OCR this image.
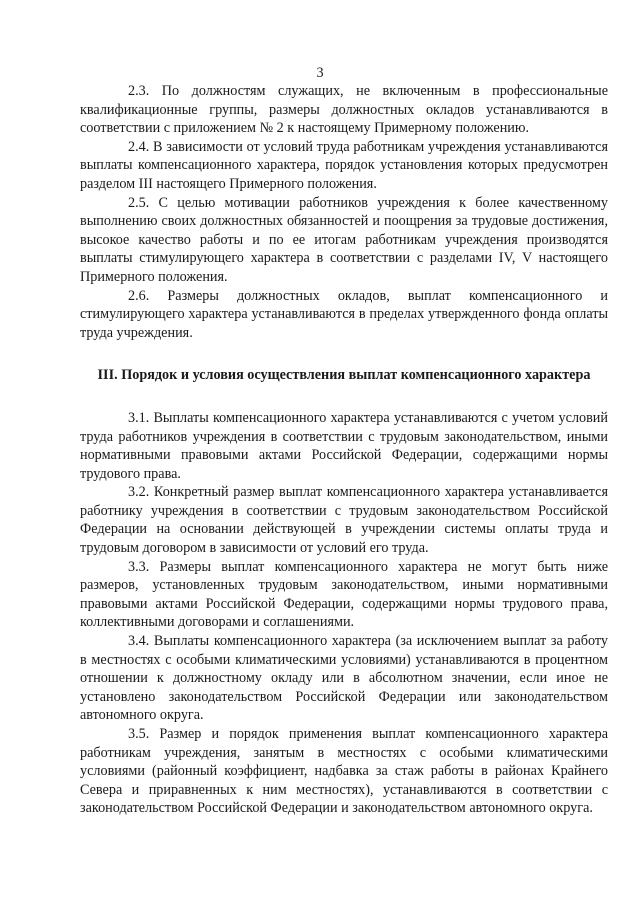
3

2.3. По должностям служащих, не включенным в профессиональные квалификационные группы, размеры должностных окладов устанавливаются в соответствии с приложением № 2 к настоящему Примерному положению.

2.4. В зависимости от условий труда работникам учреждения устанавливаются выплаты компенсационного характера, порядок установления которых предусмотрен разделом III настоящего Примерного положения.

2.5. С целью мотивации работников учреждения к более качественному выполнению своих должностных обязанностей и поощрения за трудовые достижения, высокое качество работы и по ее итогам работникам учреждения производятся выплаты стимулирующего характера в соответствии с разделами IV, V настоящего Примерного положения.

2.6. Размеры должностных окладов, выплат компенсационного и стимулирующего характера устанавливаются в пределах утвержденного фонда оплаты труда учреждения.

III. Порядок и условия осуществления выплат компенсационного характера

3.1. Выплаты компенсационного характера устанавливаются с учетом условий труда работников учреждения в соответствии с трудовым законодательством, иными нормативными правовыми актами Российской Федерации, содержащими нормы трудового права.

3.2. Конкретный размер выплат компенсационного характера устанавливается работнику учреждения в соответствии с трудовым законодательством Российской Федерации на основании действующей в учреждении системы оплаты труда и трудовым договором в зависимости от условий его труда.

3.3. Размеры выплат компенсационного характера не могут быть ниже размеров, установленных трудовым законодательством, иными нормативными правовыми актами Российской Федерации, содержащими нормы трудового права, коллективными договорами и соглашениями.

3.4. Выплаты компенсационного характера (за исключением выплат за работу в местностях с особыми климатическими условиями) устанавливаются в процентном отношении к должностному окладу или в абсолютном значении, если иное не установлено законодательством Российской Федерации или законодательством автономного округа.

3.5. Размер и порядок применения выплат компенсационного характера работникам учреждения, занятым в местностях с особыми климатическими условиями (районный коэффициент, надбавка за стаж работы в районах Крайнего Севера и приравненных к ним местностях), устанавливаются в соответствии с законодательством Российской Федерации и законодательством автономного округа.
